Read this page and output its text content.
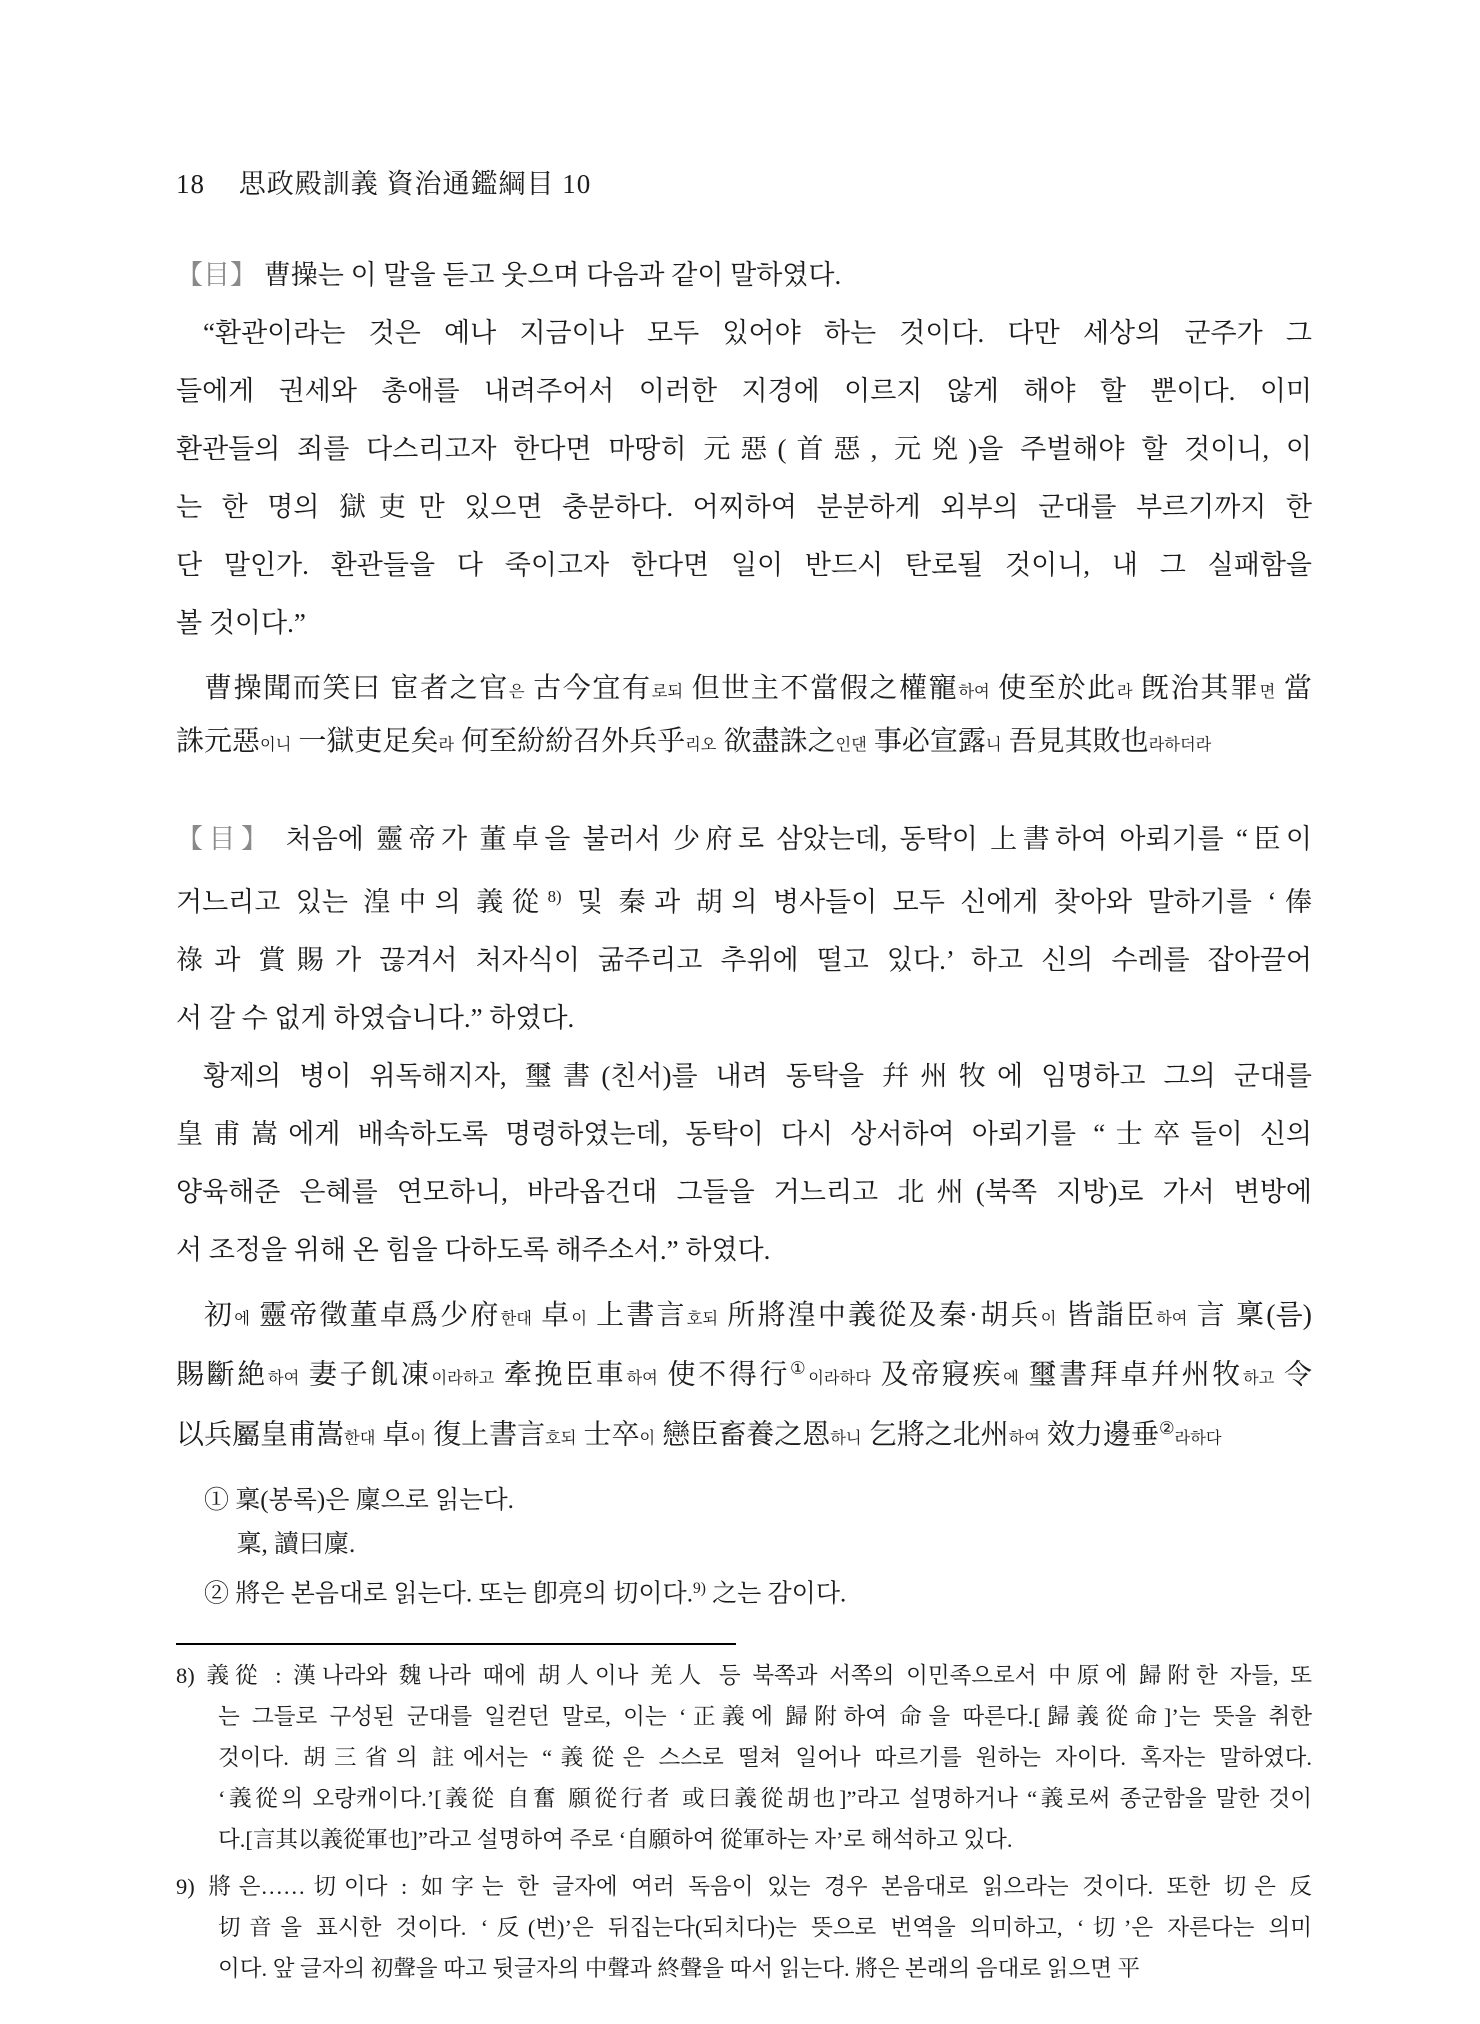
18 思政殿訓義 資治通鑑綱目 10
【目】 曹操는 이 말을 듣고 웃으며 다음과 같이 말하였다.
“환관이라는 것은 예나 지금이나 모두 있어야 하는 것이다. 다만 세상의 군주가 그
들에게 권세와 총애를 내려주어서 이러한 지경에 이르지 않게 해야 할 뿐이다. 이미
환관들의 죄를 다스리고자 한다면 마땅히 元惡(首惡, 元兇)을 주벌해야 할 것이니, 이
는 한 명의 獄吏만 있으면 충분하다. 어찌하여 분분하게 외부의 군대를 부르기까지 한
단 말인가. 환관들을 다 죽이고자 한다면 일이 반드시 탄로될 것이니, 내 그 실패함을
볼 것이다.”
曹操聞而笑曰 宦者之官은 古今宜有로되 但世主不當假之權寵하여 使至於此라 旣治其罪면 當
誅元惡이니 一獄吏足矣라 何至紛紛召外兵乎리오 欲盡誅之인댄 事必宣露니 吾見其敗也라하더라
【目】 처음에 靈帝가 董卓을 불러서 少府로 삼았는데, 동탁이 上書하여 아뢰기를 “臣이
거느리고 있는 湟中의 義從$^{8)}$ 및 秦과 胡의 병사들이 모두 신에게 찾아와 말하기를 ‘俸
祿과 賞賜가 끊겨서 처자식이 굶주리고 추위에 떨고 있다.’ 하고 신의 수레를 잡아끌어
서 갈 수 없게 하였습니다.” 하였다.
황제의 병이 위독해지자, 璽書(친서)를 내려 동탁을 幷州牧에 임명하고 그의 군대를
皇甫嵩에게 배속하도록 명령하였는데, 동탁이 다시 상서하여 아뢰기를 “士卒들이 신의
양육해준 은혜를 연모하니, 바라옵건대 그들을 거느리고 北州(북쪽 지방)로 가서 변방에
서 조정을 위해 온 힘을 다하도록 해주소서.” 하였다.
初에 靈帝徵董卓爲少府한대 卓이 上書言호되 所將湟中義從及秦·胡兵이 皆詣臣하여 言 稟(름)
賜斷絶하여 妻子飢凍이라하고 牽挽臣車하여 使不得行①이라하다 及帝寢疾에 璽書拜卓幷州牧하고 令
以兵屬皇甫嵩한대 卓이 復上書言호되 士卒이 戀臣畜養之恩하니 乞將之北州하여 效力邊垂②라하다
① 稟(봉록)은 廩으로 읽는다.
稟, 讀曰廩.
② 將은 본음대로 읽는다. 또는 卽亮의 切이다.$^{9)}$ 之는 감이다.
8) 義從 : 漢나라와 魏나라 때에 胡人이나 羌人 등 북쪽과 서쪽의 이민족으로서 中原에 歸附한 자들, 또
는 그들로 구성된 군대를 일컫던 말로, 이는 ‘正義에 歸附하여 命을 따른다.[歸義從命]’는 뜻을 취한
것이다. 胡三省의 註에서는 “義從은 스스로 떨쳐 일어나 따르기를 원하는 자이다. 혹자는 말하였다.
‘義從의 오랑캐이다.’[義從 自奮 願從行者 或曰義從胡也]”라고 설명하거나 “義로써 종군함을 말한 것이
다.[言其以義從軍也]”라고 설명하여 주로 ‘自願하여 從軍하는 자’로 해석하고 있다.
9) 將은……切이다 : 如字는 한 글자에 여러 독음이 있는 경우 본음대로 읽으라는 것이다. 또한 切은 反
切音을 표시한 것이다. ‘反(번)’은 뒤집는다(되치다)는 뜻으로 번역을 의미하고, ‘切’은 자른다는 의미
이다. 앞 글자의 初聲을 따고 뒷글자의 中聲과 終聲을 따서 읽는다. 將은 본래의 음대로 읽으면 平
